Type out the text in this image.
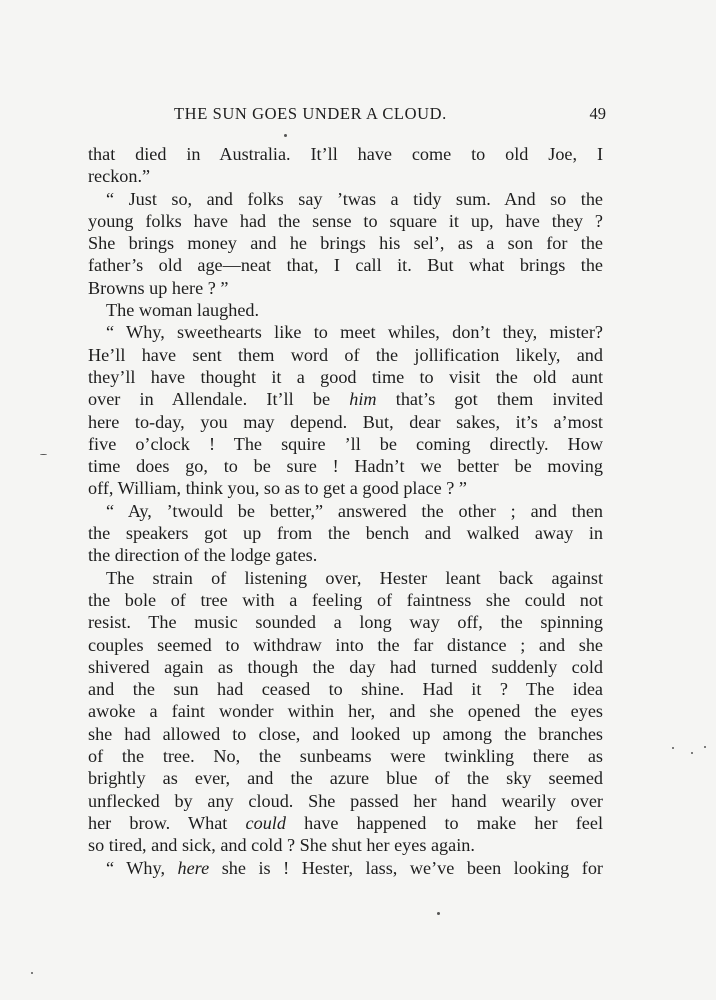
THE SUN GOES UNDER A CLOUD.	49
that died in Australia. It’ll have come to old Joe, I
reckon.”
“ Just so, and folks say ’twas a tidy sum. And so the
young folks have had the sense to square it up, have they ?
She brings money and he brings his sel’, as a son for the
father’s old age—neat that, I call it. But what brings the
Browns up here ? ”
The woman laughed.
“ Why, sweethearts like to meet whiles, don’t they, mister?
He’ll have sent them word of the jollification likely, and
they’ll have thought it a good time to visit the old aunt
over in Allendale. It’ll be him that’s got them invited
here to-day, you may depend. But, dear sakes, it’s a’most
five o’clock ! The squire ’ll be coming directly. How
time does go, to be sure ! Hadn’t we better be moving
off, William, think you, so as to get a good place ? ”
“ Ay, ’twould be better,” answered the other ; and then
the speakers got up from the bench and walked away in
the direction of the lodge gates.
The strain of listening over, Hester leant back against
the bole of tree with a feeling of faintness she could not
resist. The music sounded a long way off, the spinning
couples seemed to withdraw into the far distance ; and she
shivered again as though the day had turned suddenly cold
and the sun had ceased to shine. Had it ? The idea
awoke a faint wonder within her, and she opened the eyes
she had allowed to close, and looked up among the branches
of the tree. No, the sunbeams were twinkling there as
brightly as ever, and the azure blue of the sky seemed
unflecked by any cloud. She passed her hand wearily over
her brow. What could have happened to make her feel
so tired, and sick, and cold ? She shut her eyes again.
“ Why, here she is ! Hester, lass, we’ve been looking for
